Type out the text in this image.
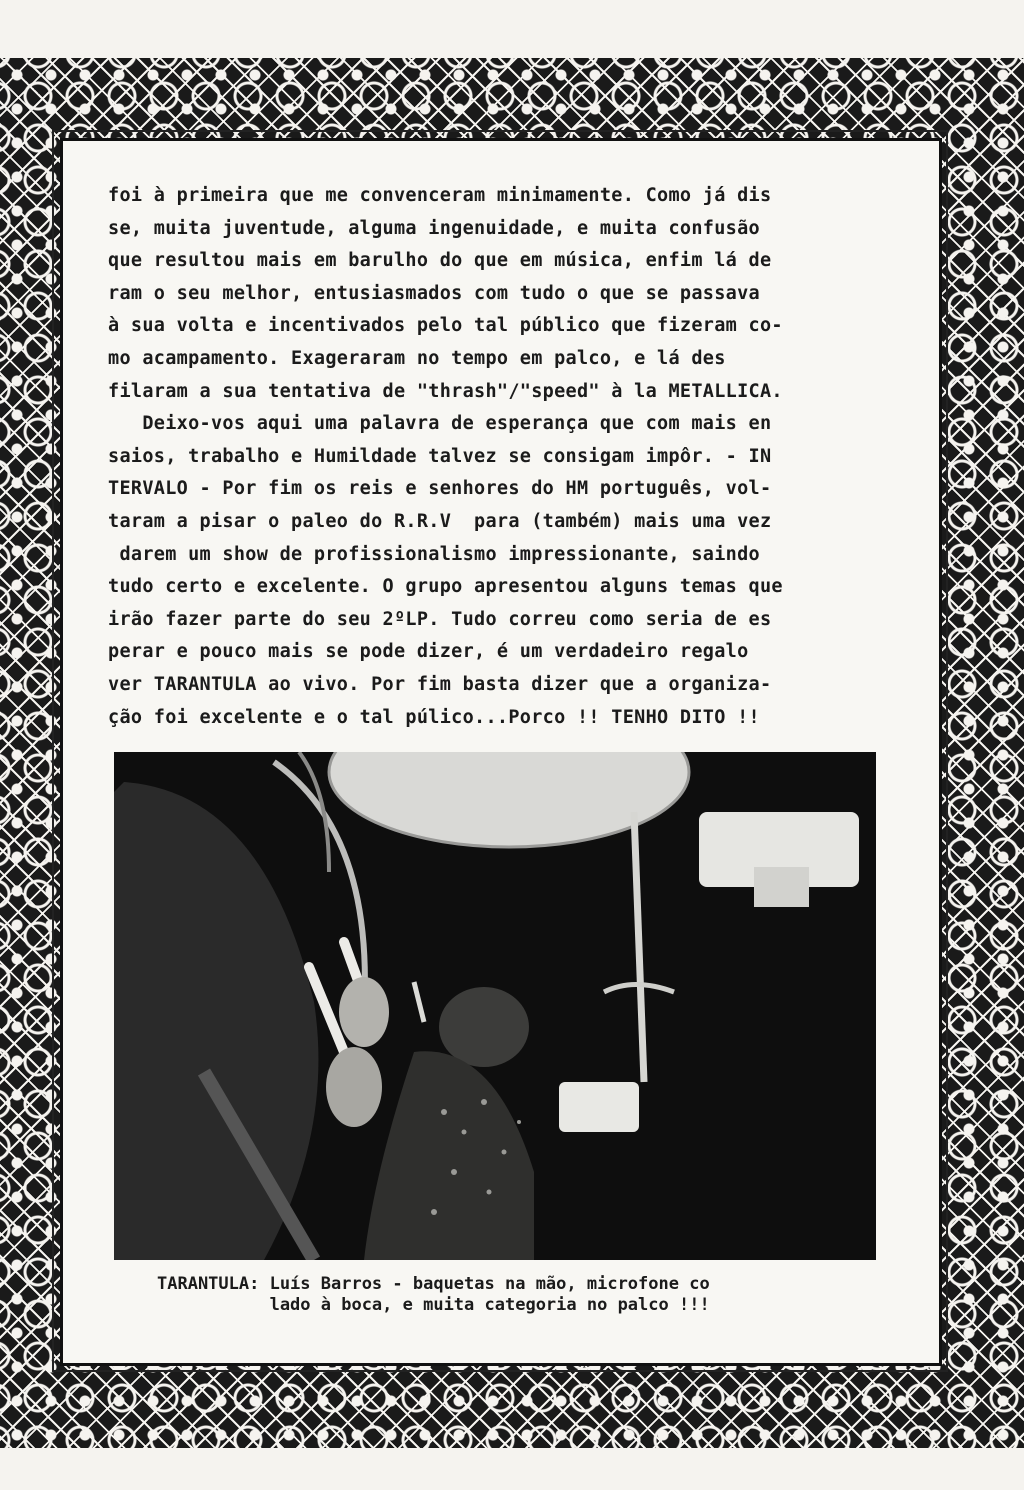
foi à primeira que me convenceram minimamente. Como já dis
se, muita juventude, alguma ingenuidade, e muita confusão
que resultou mais em barulho do que em música, enfim lá de
ram o seu melhor, entusiasmados com tudo o que se passava
à sua volta e incentivados pelo tal público que fizeram co-
mo acampamento. Exageraram no tempo em palco, e lá des
filaram a sua tentativa de "thrash"/"speed" à la METALLICA.
Deixo-vos aqui uma palavra de esperança que com mais en
saios, trabalho e Humildade talvez se consigam impôr. - IN
TERVALO - Por fim os reis e senhores do HM português, vol-
taram a pisar o paleo do R.R.V  para (também) mais uma vez
darem um show de profissionalismo impressionante, saindo
tudo certo e excelente. O grupo apresentou alguns temas que
irão fazer parte do seu 2ºLP. Tudo correu como seria de es
perar e pouco mais se pode dizer, é um verdadeiro regalo
ver TARANTULA ao vivo. Por fim basta dizer que a organiza-
ção foi excelente e o tal púlico...Porco !! TENHO DITO !!
TARANTULA: Luís Barros - baquetas na mão, microfone co
lado à boca, e muita categoria no palco !!!
